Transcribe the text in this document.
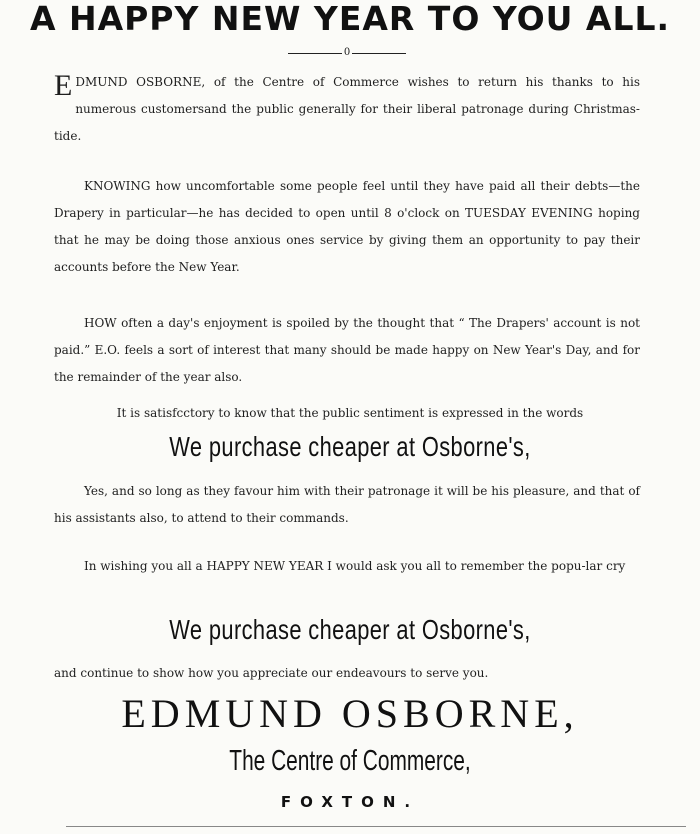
A HAPPY NEW YEAR TO YOU ALL.
0
EDMUND OSBORNE, of the Centre of Commerce wishes to return his thanks to his numerous customersand the public generally for their liberal patronage during Christmas-tide.
KNOWING how uncomfortable some people feel until they have paid all their debts—the Drapery in particular—he has decided to open until 8 o'clock on TUESDAY EVENING hoping that he may be doing those anxious ones service by giving them an opportunity to pay their accounts before the New Year.
HOW often a day's enjoyment is spoiled by the thought that “ The Drapers' account is not paid.” E.O. feels a sort of interest that many should be made happy on New Year's Day, and for the remainder of the year also.
It is satisfcctory to know that the public sentiment is expressed in the words
We purchase cheaper at Osborne's,
Yes, and so long as they favour him with their patronage it will be his pleasure, and that of his assistants also, to attend to their commands.
In wishing you all a HAPPY NEW YEAR I would ask you all to remember the popu-lar cry
We purchase cheaper at Osborne's,
and continue to show how you appreciate our endeavours to serve you.
EDMUND OSBORNE,
The Centre of Commerce,
FOXTON.
